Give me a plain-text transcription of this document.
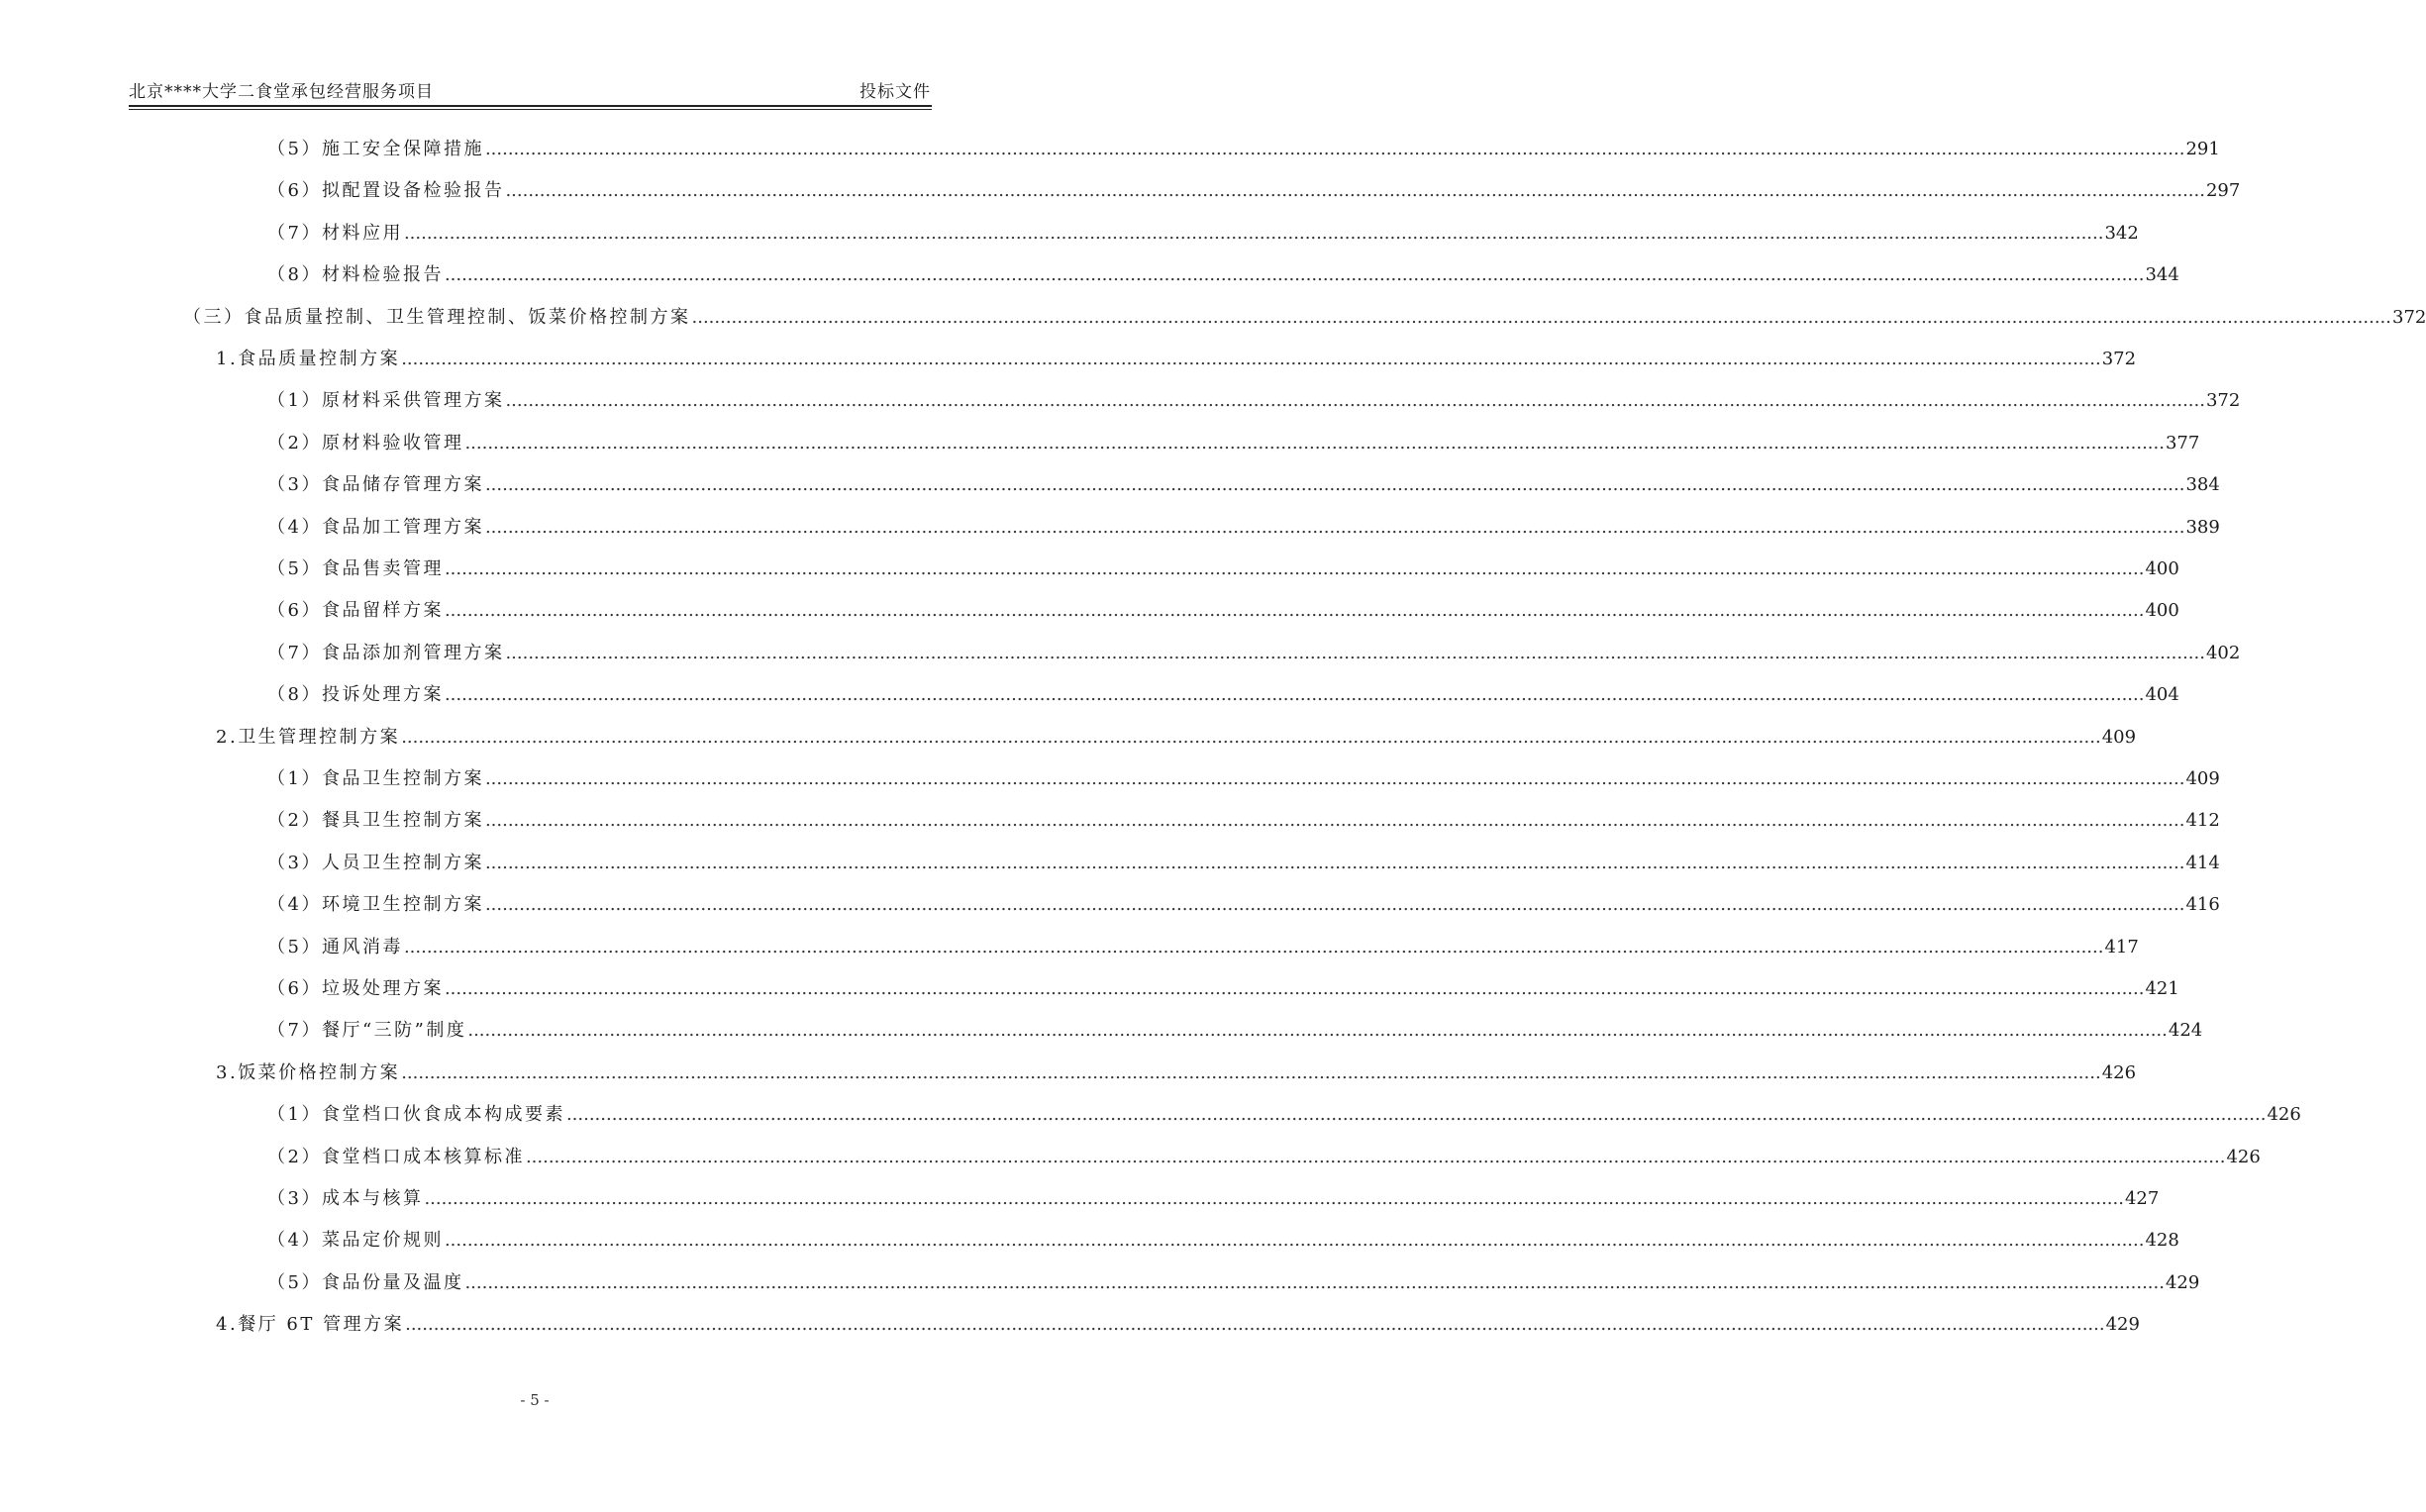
北京****大学二食堂承包经营服务项目	投标文件
（5） 施工安全保障措施 ............................................................................................................................................................................................................................................................................................................ 291
（6） 拟配置设备检验报告 ............................................................................................................................................................................................................................................................................................................ 297
（7） 材料应用 ............................................................................................................................................................................................................................................................................................................ 342
（8） 材料检验报告 ............................................................................................................................................................................................................................................................................................................ 344
（三） 食品质量控制、卫生管理控制、饭菜价格控制方案 ............................................................................................................................................................................................................................................................................................................ 372
1. 食品质量控制方案 ............................................................................................................................................................................................................................................................................................................ 372
（1） 原材料采供管理方案 ............................................................................................................................................................................................................................................................................................................ 372
（2） 原材料验收管理 ............................................................................................................................................................................................................................................................................................................ 377
（3） 食品储存管理方案 ............................................................................................................................................................................................................................................................................................................ 384
（4） 食品加工管理方案 ............................................................................................................................................................................................................................................................................................................ 389
（5） 食品售卖管理 ............................................................................................................................................................................................................................................................................................................ 400
（6） 食品留样方案 ............................................................................................................................................................................................................................................................................................................ 400
（7） 食品添加剂管理方案 ............................................................................................................................................................................................................................................................................................................ 402
（8） 投诉处理方案 ............................................................................................................................................................................................................................................................................................................ 404
2. 卫生管理控制方案 ............................................................................................................................................................................................................................................................................................................ 409
（1） 食品卫生控制方案 ............................................................................................................................................................................................................................................................................................................ 409
（2） 餐具卫生控制方案 ............................................................................................................................................................................................................................................................................................................ 412
（3） 人员卫生控制方案 ............................................................................................................................................................................................................................................................................................................ 414
（4） 环境卫生控制方案 ............................................................................................................................................................................................................................................................................................................ 416
（5） 通风消毒 ............................................................................................................................................................................................................................................................................................................ 417
（6） 垃圾处理方案 ............................................................................................................................................................................................................................................................................................................ 421
（7） 餐厅“三防”制度 ............................................................................................................................................................................................................................................................................................................ 424
3. 饭菜价格控制方案 ............................................................................................................................................................................................................................................................................................................ 426
（1） 食堂档口伙食成本构成要素 ............................................................................................................................................................................................................................................................................................................ 426
（2） 食堂档口成本核算标准 ............................................................................................................................................................................................................................................................................................................ 426
（3） 成本与核算 ............................................................................................................................................................................................................................................................................................................ 427
（4） 菜品定价规则 ............................................................................................................................................................................................................................................................................................................ 428
（5） 食品份量及温度 ............................................................................................................................................................................................................................................................................................................ 429
4. 餐厅 6T 管理方案 ............................................................................................................................................................................................................................................................................................................ 429
- 5 -
